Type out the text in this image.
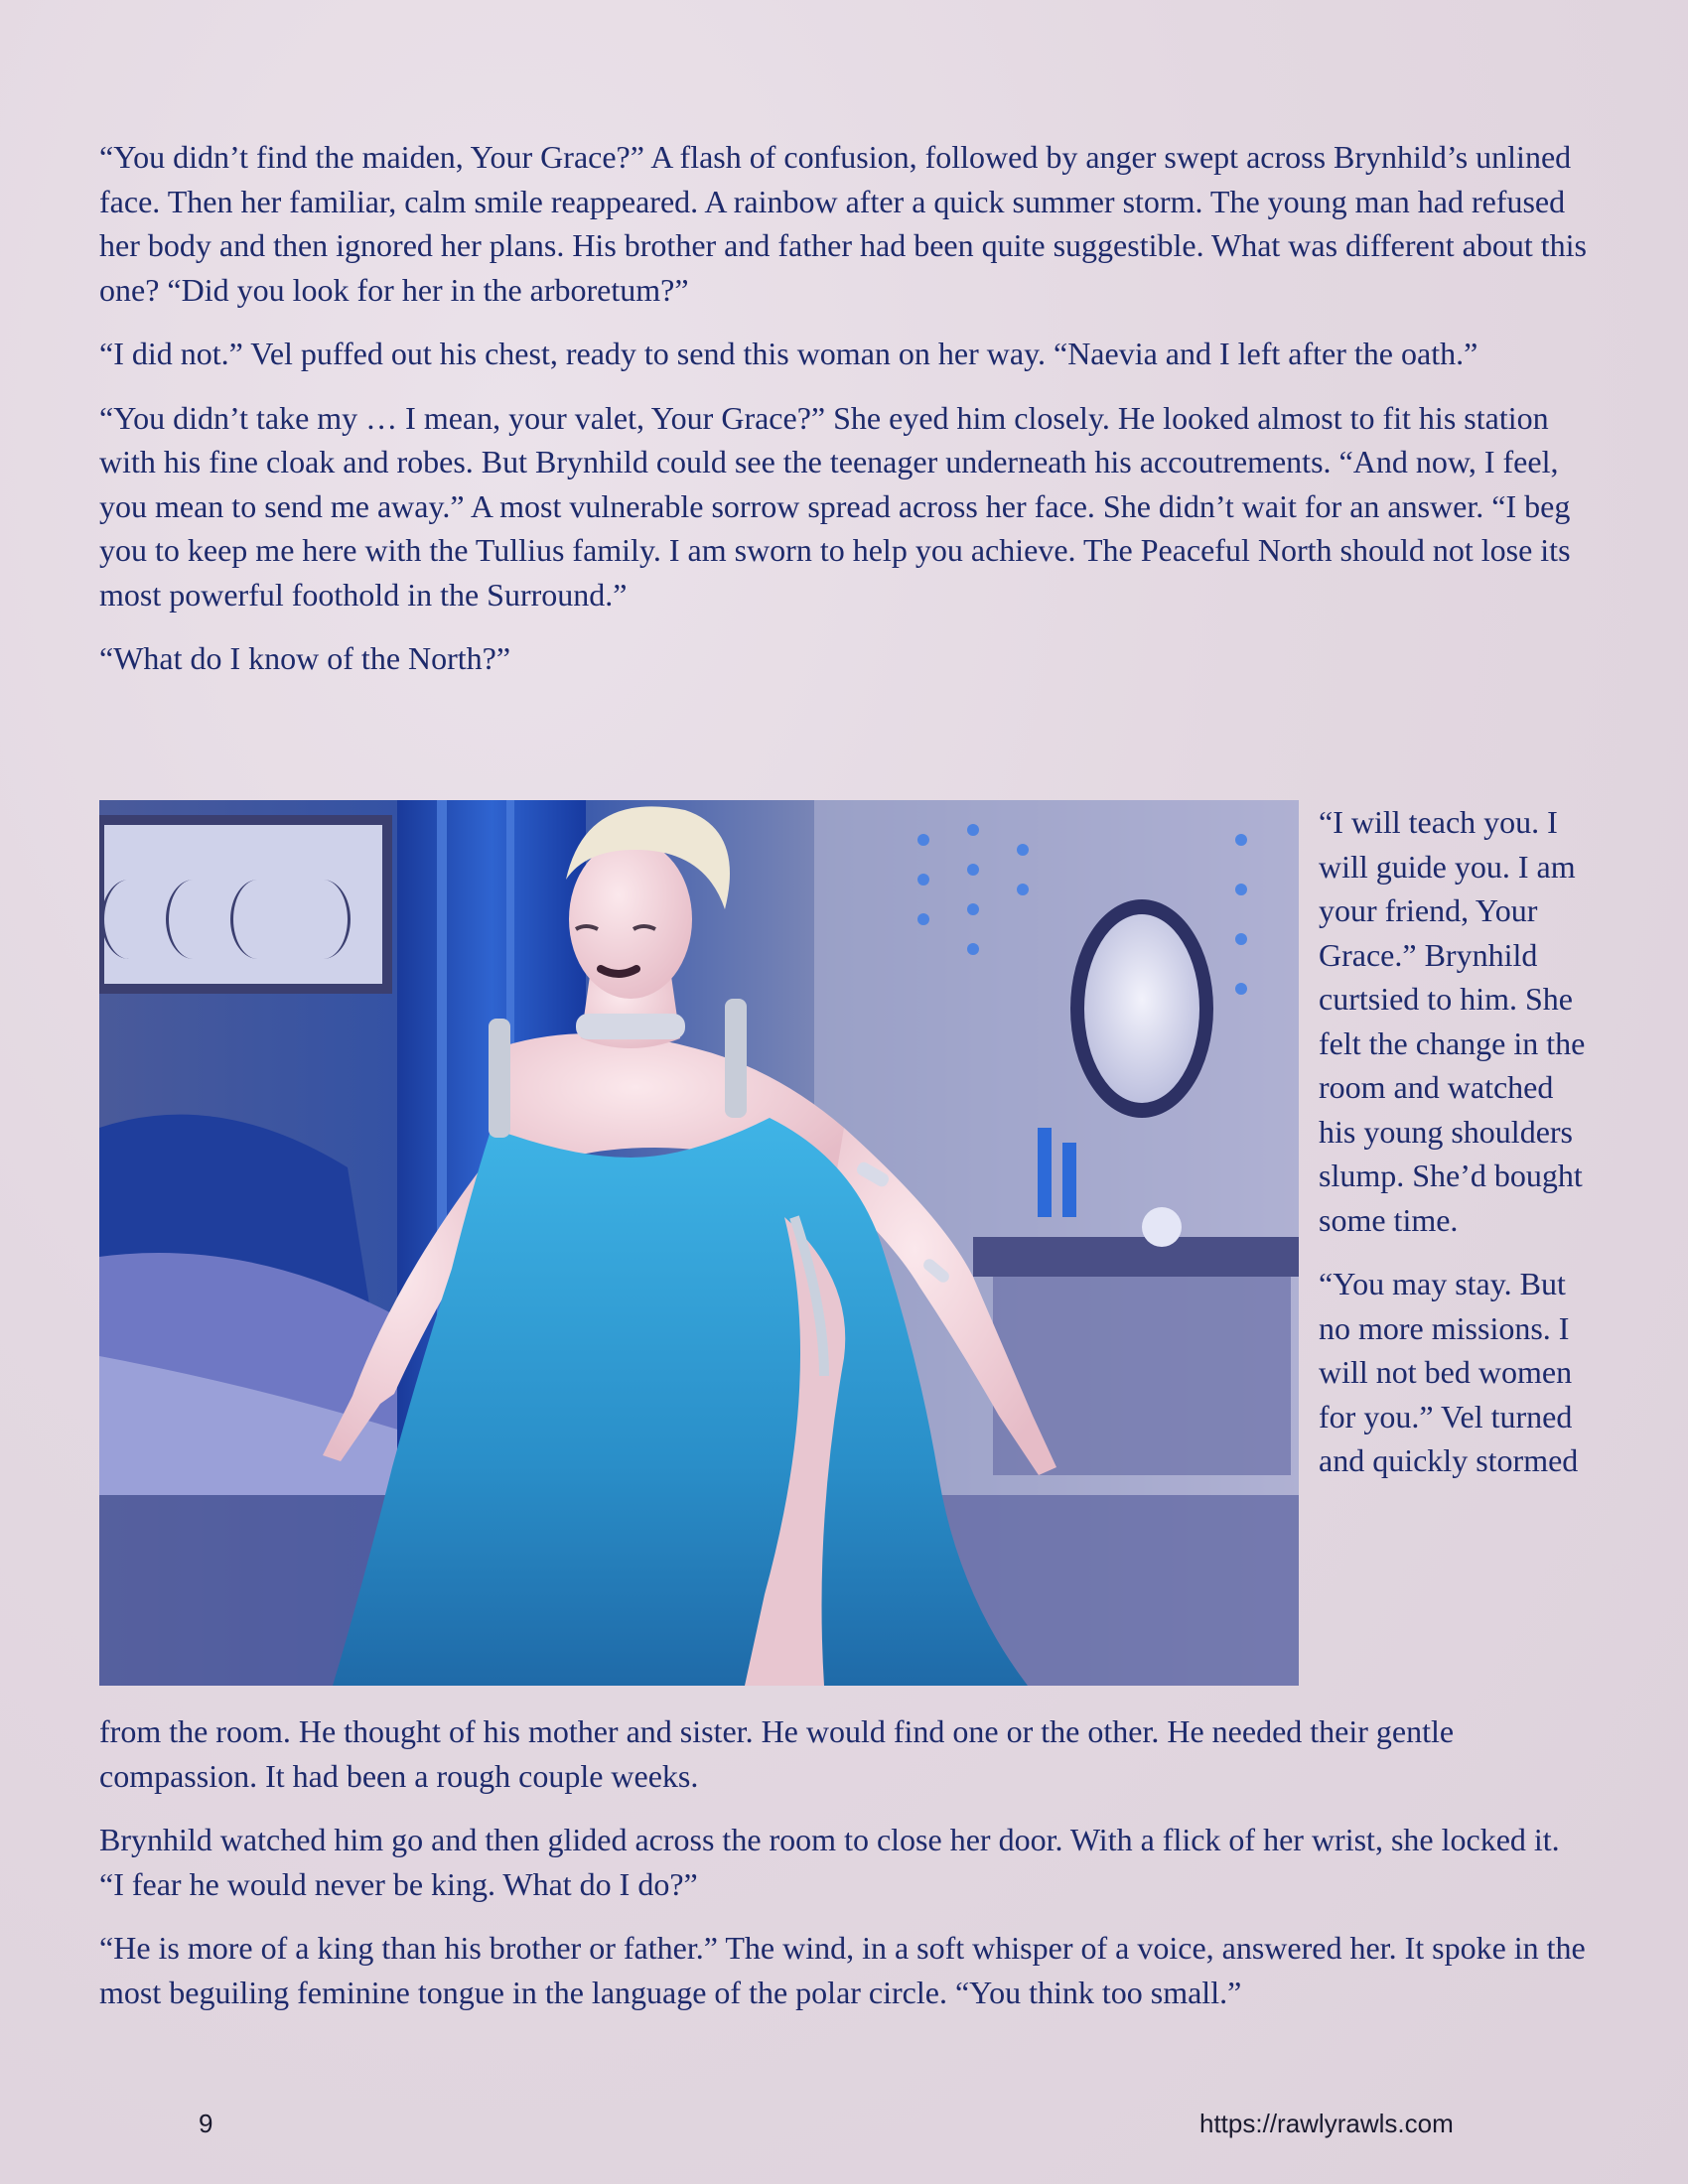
“You didn’t find the maiden, Your Grace?” A flash of confusion, followed by anger swept across Brynhild’s unlined face. Then her familiar, calm smile reappeared. A rainbow after a quick summer storm. The young man had refused her body and then ignored her plans. His brother and father had been quite suggestible. What was different about this one? “Did you look for her in the arboretum?”

“I did not.” Vel puffed out his chest, ready to send this woman on her way. “Naevia and I left after the oath.”

“You didn’t take my … I mean, your valet, Your Grace?” She eyed him closely. He looked almost to fit his station with his fine cloak and robes. But Brynhild could see the teenager underneath his accoutrements. “And now, I feel, you mean to send me away.” A most vulnerable sorrow spread across her face. She didn’t wait for an answer. “I beg you to keep me here with the Tullius family. I am sworn to help you achieve. The Peaceful North should not lose its most powerful foothold in the Surround.”

“What do I know of the North?”

“I will teach you. I will guide you. I am your friend, Your Grace.” Brynhild curtsied to him. She felt the change in the room and watched his young shoulders slump. She’d bought some time.

“You may stay. But no more missions. I will not bed women for you.” Vel turned and quickly stormed

from the room. He thought of his mother and sister. He would find one or the other. He needed their gentle compassion. It had been a rough couple weeks.

Brynhild watched him go and then glided across the room to close her door. With a flick of her wrist, she locked it. “I fear he would never be king. What do I do?”

“He is more of a king than his brother or father.” The wind, in a soft whisper of a voice, answered her. It spoke in the most beguiling feminine tongue in the language of the polar circle. “You think too small.”

9	https://rawlyrawls.com
